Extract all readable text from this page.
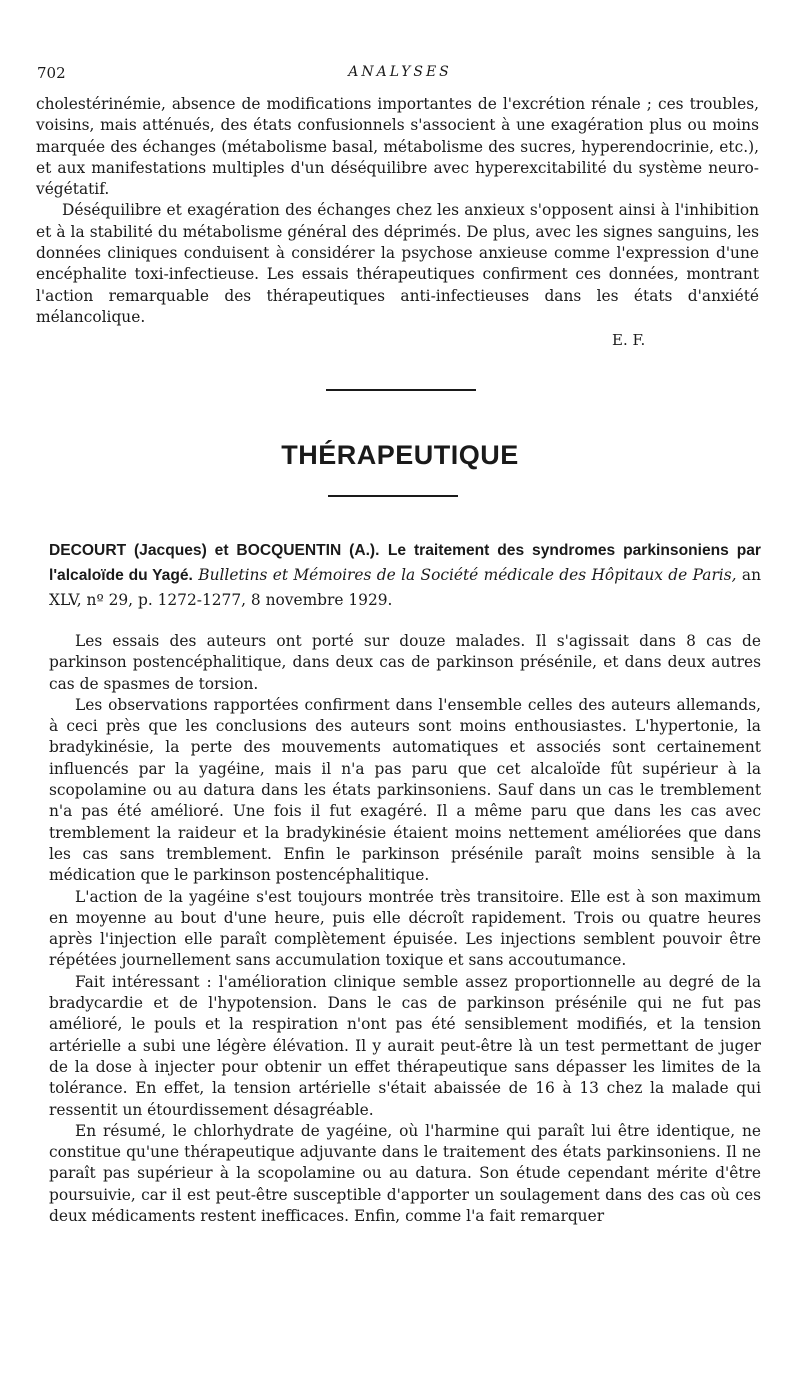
702	ANALYSES

cholestérinémie, absence de modifications importantes de l'excrétion rénale ; ces troubles, voisins, mais atténués, des états confusionnels s'associent à une exagération plus ou moins marquée des échanges (métabolisme basal, métabolisme des sucres, hyperendocrinie, etc.), et aux manifestations multiples d'un déséquilibre avec hyperexcitabilité du système neuro-végétatif.

Déséquilibre et exagération des échanges chez les anxieux s'opposent ainsi à l'inhibition et à la stabilité du métabolisme général des déprimés. De plus, avec les signes sanguins, les données cliniques conduisent à considérer la psychose anxieuse comme l'expression d'une encéphalite toxi-infectieuse. Les essais thérapeutiques confirment ces données, montrant l'action remarquable des thérapeutiques anti-infectieuses dans les états d'anxiété mélancolique.

E. F.
THÉRAPEUTIQUE
DECOURT (Jacques) et BOCQUENTIN (A.). Le traitement des syndromes parkinsoniens par l'alcaloïde du Yagé. Bulletins et Mémoires de la Société médicale des Hôpitaux de Paris, an XLV, nº 29, p. 1272-1277, 8 novembre 1929.

Les essais des auteurs ont porté sur douze malades. Il s'agissait dans 8 cas de parkinson postencéphalitique, dans deux cas de parkinson présénile, et dans deux autres cas de spasmes de torsion.

Les observations rapportées confirment dans l'ensemble celles des auteurs allemands, à ceci près que les conclusions des auteurs sont moins enthousiastes. L'hypertonie, la bradykinésie, la perte des mouvements automatiques et associés sont certainement influencés par la yagéine, mais il n'a pas paru que cet alcaloïde fût supérieur à la scopolamine ou au datura dans les états parkinsoniens. Sauf dans un cas le tremblement n'a pas été amélioré. Une fois il fut exagéré. Il a même paru que dans les cas avec tremblement la raideur et la bradykinésie étaient moins nettement améliorées que dans les cas sans tremblement. Enfin le parkinson présénile paraît moins sensible à la médication que le parkinson postencéphalitique.

L'action de la yagéine s'est toujours montrée très transitoire. Elle est à son maximum en moyenne au bout d'une heure, puis elle décroît rapidement. Trois ou quatre heures après l'injection elle paraît complètement épuisée. Les injections semblent pouvoir être répétées journellement sans accumulation toxique et sans accoutumance.

Fait intéressant : l'amélioration clinique semble assez proportionnelle au degré de la bradycardie et de l'hypotension. Dans le cas de parkinson présénile qui ne fut pas amélioré, le pouls et la respiration n'ont pas été sensiblement modifiés, et la tension artérielle a subi une légère élévation. Il y aurait peut-être là un test permettant de juger de la dose à injecter pour obtenir un effet thérapeutique sans dépasser les limites de la tolérance. En effet, la tension artérielle s'était abaissée de 16 à 13 chez la malade qui ressentit un étourdissement désagréable.

En résumé, le chlorhydrate de yagéine, où l'harmine qui paraît lui être identique, ne constitue qu'une thérapeutique adjuvante dans le traitement des états parkinsoniens. Il ne paraît pas supérieur à la scopolamine ou au datura. Son étude cependant mérite d'être poursuivie, car il est peut-être susceptible d'apporter un soulagement dans des cas où ces deux médicaments restent inefficaces. Enfin, comme l'a fait remarquer
